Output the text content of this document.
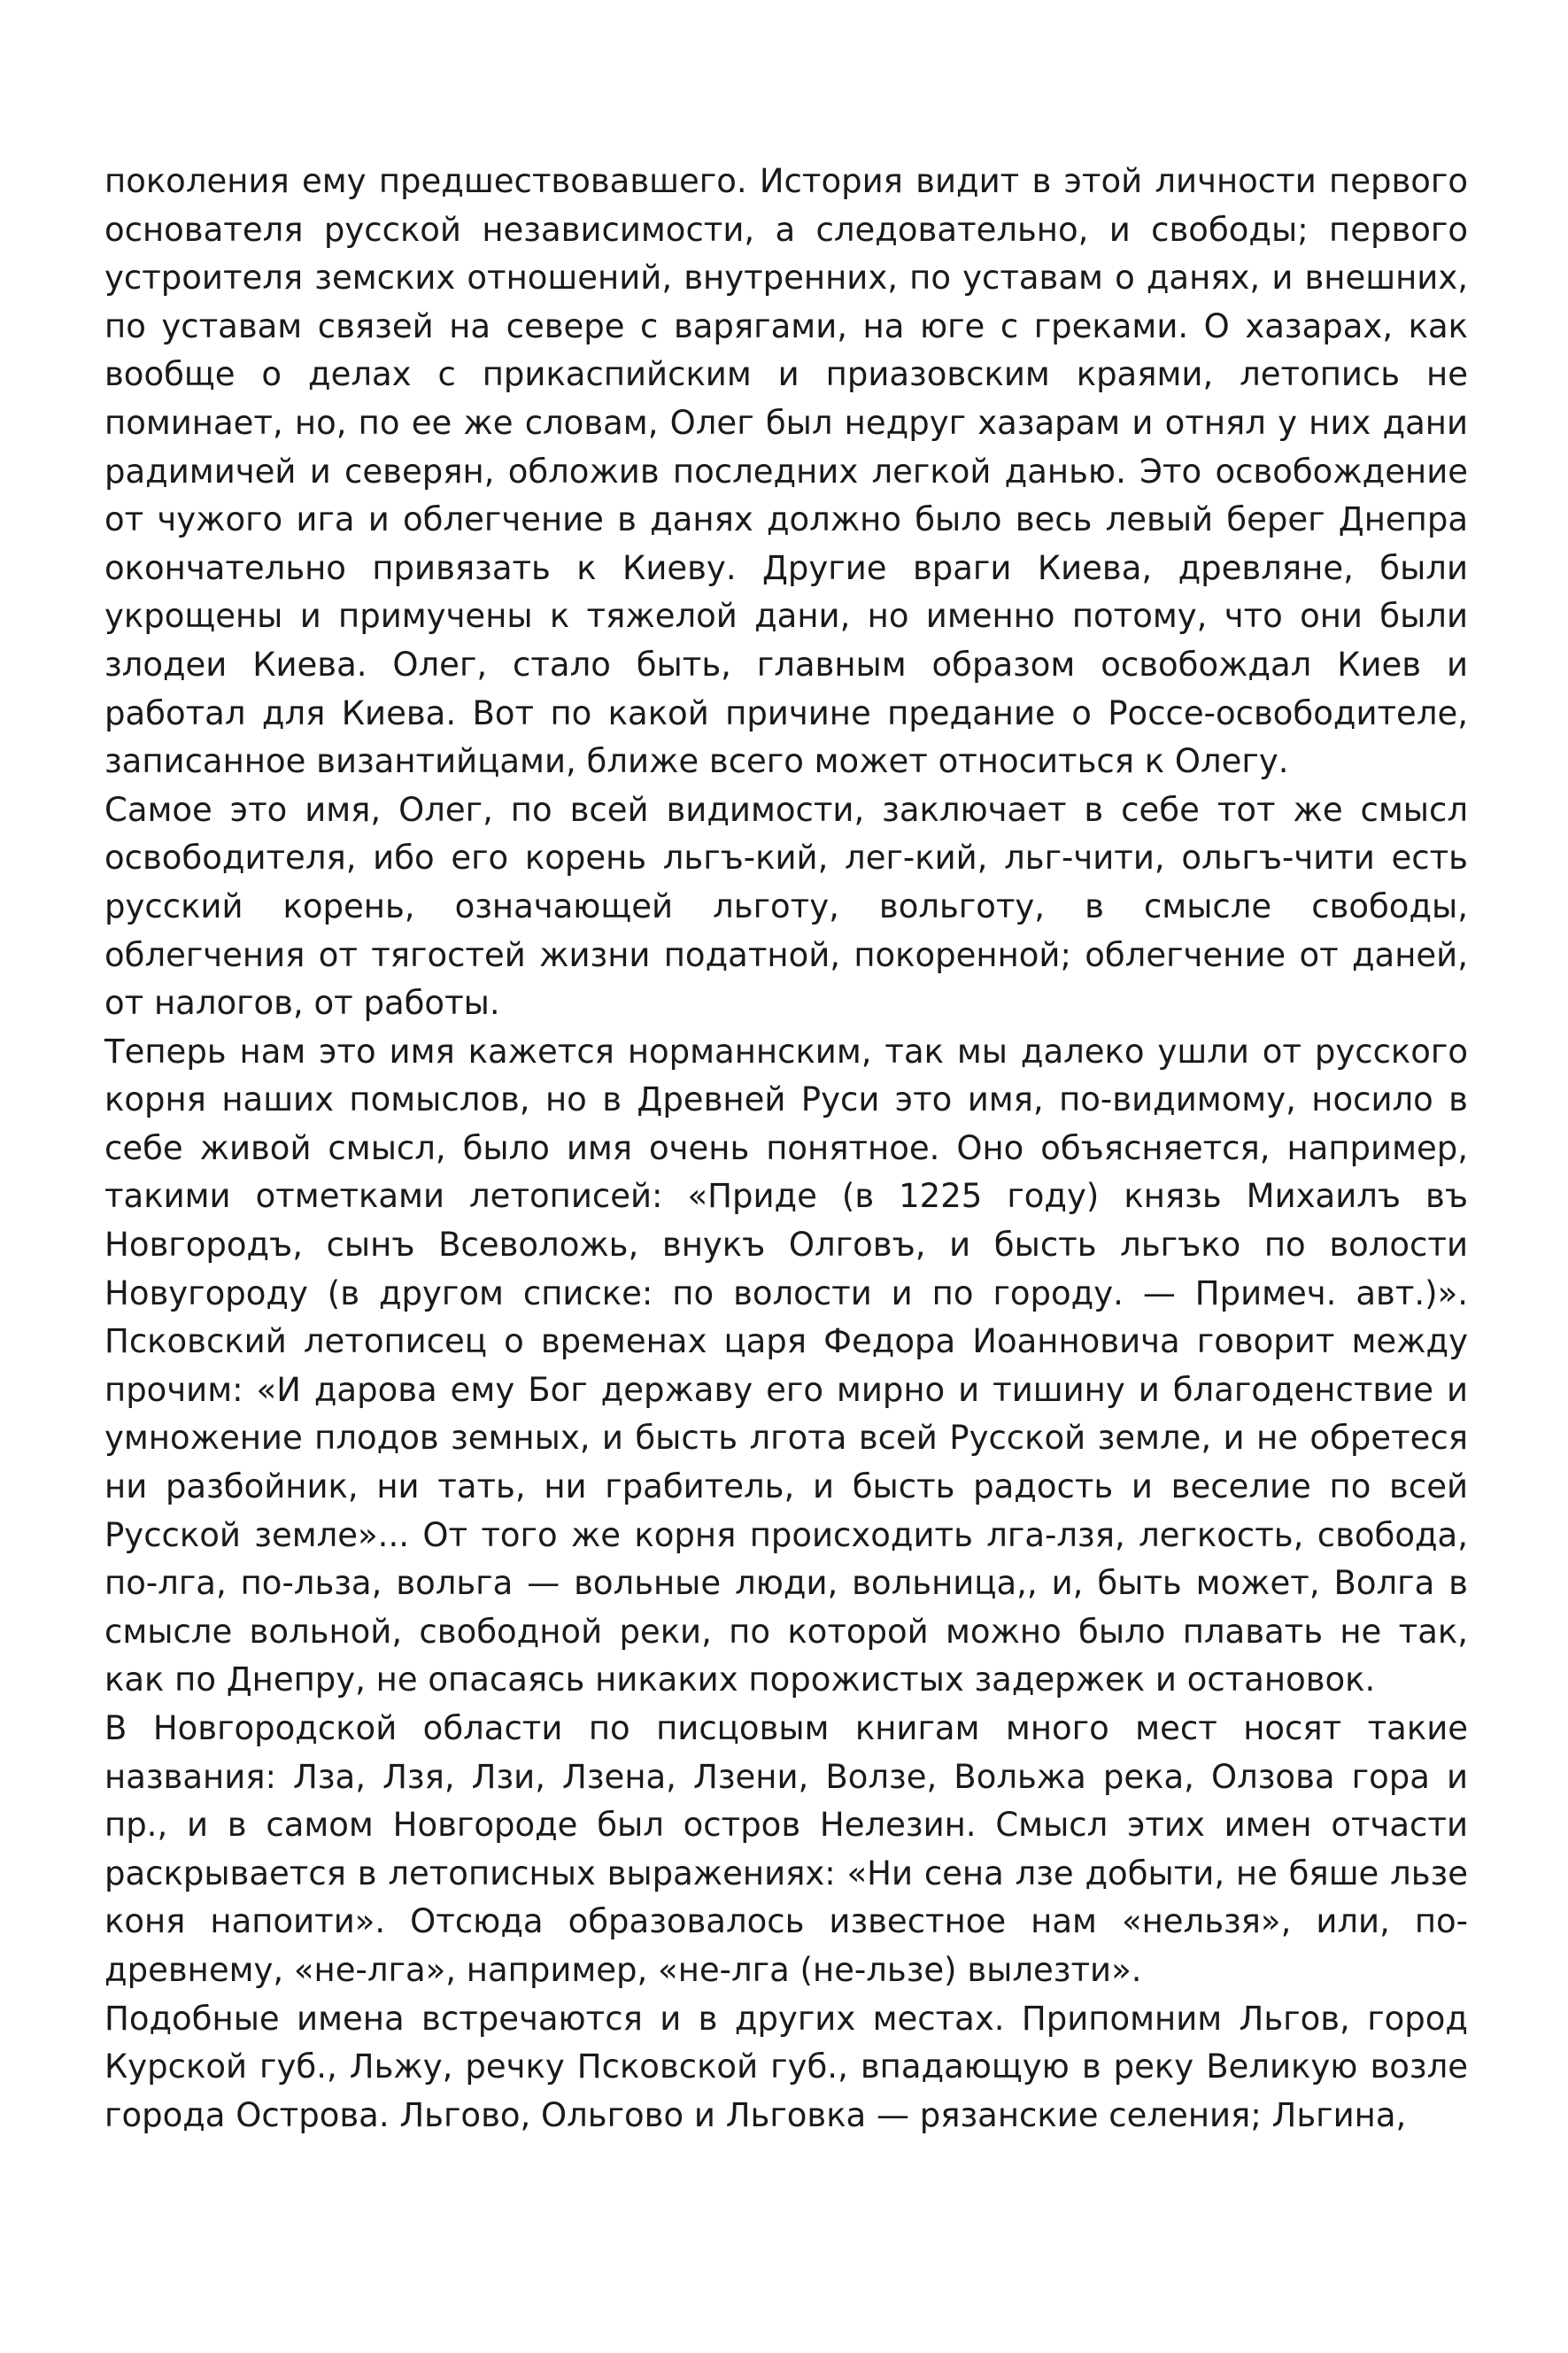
поколения ему предшествовавшего. История видит в этой личности первого основателя русской независимости, а следовательно, и свободы; первого устроителя земских отношений, внутренних, по уставам о данях, и внешних, по уставам связей на севере с варягами, на юге с греками. О хазарах, как вообще о делах с прикаспийским и приазовским краями, летопись не поминает, но, по ее же словам, Олег был недруг хазарам и отнял у них дани радимичей и северян, обложив последних легкой данью. Это освобождение от чужого ига и облегчение в данях должно было весь левый берег Днепра окончательно привязать к Киеву. Другие враги Киева, древляне, были укрощены и примучены к тяжелой дани, но именно потому, что они были злодеи Киева. Олег, стало быть, главным образом освобождал Киев и работал для Киева. Вот по какой причине предание о Россе-освободителе, записанное византийцами, ближе всего может относиться к Олегу.

Самое это имя, Олег, по всей видимости, заключает в себе тот же смысл освободителя, ибо его корень льгъ-кий, лег-кий, льг-чити, ольгъ-чити есть русский корень, означающей льготу, вольготу, в смысле свободы, облегчения от тягостей жизни податной, покоренной; облегчение от даней, от налогов, от работы.

Теперь нам это имя кажется норманнским, так мы далеко ушли от русского корня наших помыслов, но в Древней Руси это имя, по-видимому, носило в себе живой смысл, было имя очень понятное. Оно объясняется, например, такими отметками летописей: «Приде (в 1225 году) князь Михаилъ въ Новгородъ, сынъ Всеволожь, внукъ Олговъ, и бысть льгъко по волости Новугороду (в другом списке: по волости и по городу. — Примеч. авт.)». Псковский летописец о временах царя Федора Иоанновича говорит между прочим: «И дарова ему Бог державу его мирно и тишину и благоденствие и умножение плодов земных, и бысть лгота всей Русской земле, и не обретеся ни разбойник, ни тать, ни грабитель, и бысть радость и веселие по всей Русской земле»... От того же корня происходить лга-лзя, легкость, свобода, по-лга, по-льза, вольга — вольные люди, вольница,, и, быть может, Волга в смысле вольной, свободной реки, по которой можно было плавать не так, как по Днепру, не опасаясь никаких порожистых задержек и остановок.

В Новгородской области по писцовым книгам много мест носят такие названия: Лза, Лзя, Лзи, Лзена, Лзени, Волзе, Вольжа река, Олзова гора и пр., и в самом Новгороде был остров Нелезин. Смысл этих имен отчасти раскрывается в летописных выражениях: «Ни сена лзе добыти, не бяше льзе коня напоити». Отсюда образовалось известное нам «нельзя», или, по-древнему, «не-лга», например, «не-лга (не-льзе) вылезти».

Подобные имена встречаются и в других местах. Припомним Льгов, город Курской губ., Льжу, речку Псковской губ., впадающую в реку Великую возле города Острова. Льгово, Ольгово и Льговка — рязанские селения; Льгина,
